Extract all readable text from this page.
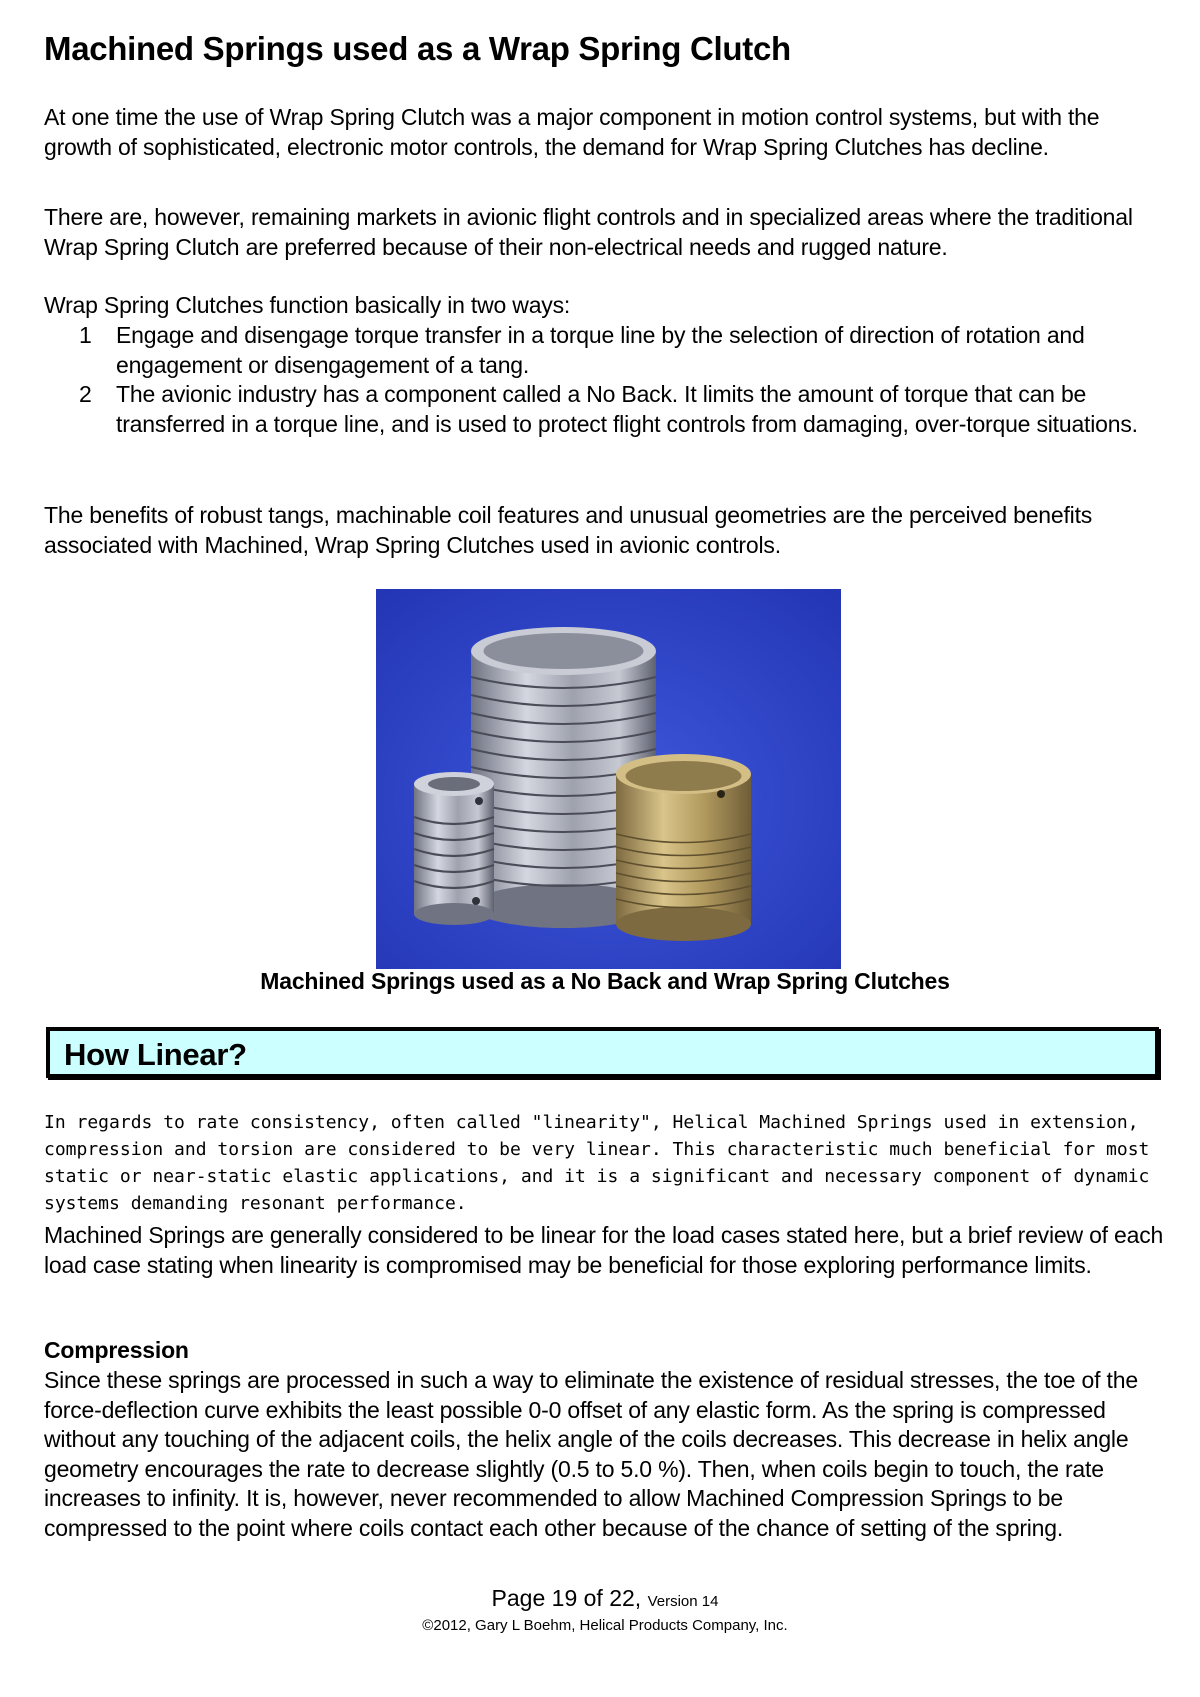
Machined Springs used as a Wrap Spring Clutch

At one time the use of Wrap Spring Clutch was a major component in motion control systems, but with the growth of sophisticated, electronic motor controls, the demand for Wrap Spring Clutches has decline.

There are, however, remaining markets in avionic flight controls and in specialized areas where the traditional Wrap Spring Clutch are preferred because of their non-electrical needs and rugged nature.

Wrap Spring Clutches function basically in two ways:

1 Engage and disengage torque transfer in a torque line by the selection of direction of rotation and engagement or disengagement of a tang.
2 The avionic industry has a component called a No Back. It limits the amount of torque that can be transferred in a torque line, and is used to protect flight controls from damaging, over-torque situations.

The benefits of robust tangs, machinable coil features and unusual geometries are the perceived benefits associated with Machined, Wrap Spring Clutches used in avionic controls.

Machined Springs used as a No Back and Wrap Spring Clutches

How Linear?

In regards to rate consistency, often called "linearity", Helical Machined Springs used in extension, compression and torsion are considered to be very linear. This characteristic much beneficial for most static or near-static elastic applications, and it is a significant and necessary component of dynamic systems demanding resonant performance.

Machined Springs are generally considered to be linear for the load cases stated here, but a brief review of each load case stating when linearity is compromised may be beneficial for those exploring performance limits.

Compression

Since these springs are processed in such a way to eliminate the existence of residual stresses, the toe of the force-deflection curve exhibits the least possible 0-0 offset of any elastic form. As the spring is compressed without any touching of the adjacent coils, the helix angle of the coils decreases. This decrease in helix angle geometry encourages the rate to decrease slightly (0.5 to 5.0 %). Then, when coils begin to touch, the rate increases to infinity. It is, however, never recommended to allow Machined Compression Springs to be compressed to the point where coils contact each other because of the chance of setting of the spring.

Page 19 of 22, Version 14

©2012, Gary L Boehm, Helical Products Company, Inc.
